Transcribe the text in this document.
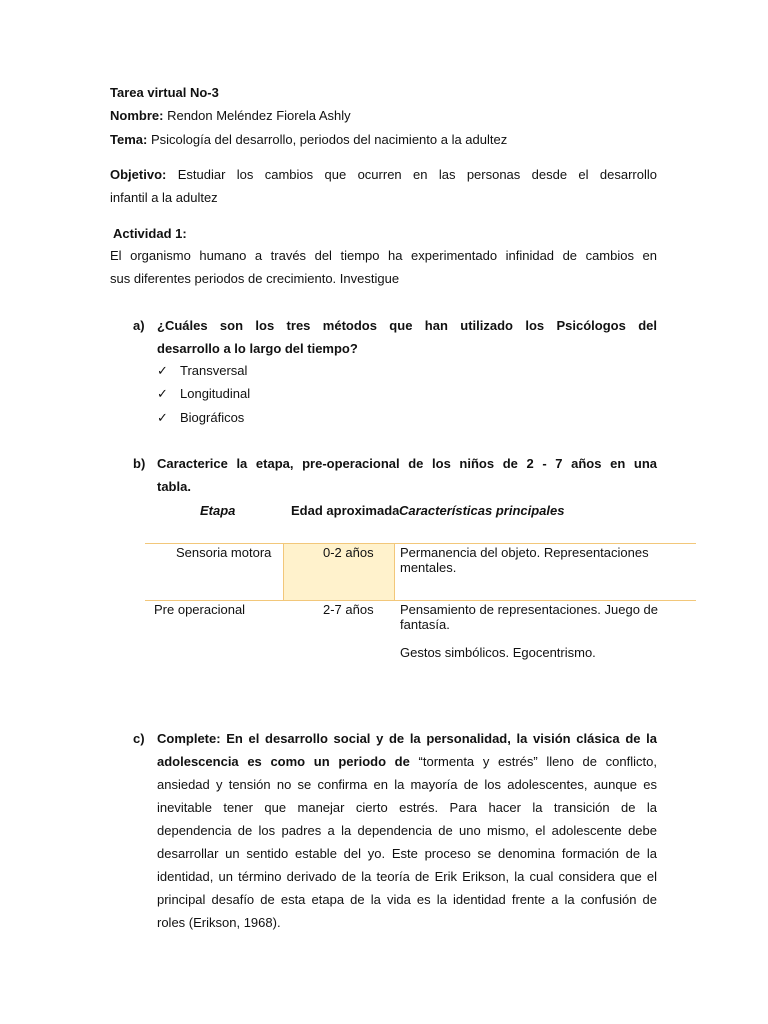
Tarea virtual No-3
Nombre: Rendon Meléndez Fiorela Ashly
Tema: Psicología del desarrollo, periodos del nacimiento a la adultez
Objetivo: Estudiar los cambios que ocurren en las personas desde el desarrollo
infantil a la adultez
Actividad 1:
El organismo humano a través del tiempo ha experimentado infinidad de cambios en
sus diferentes periodos de crecimiento. Investigue
a) ¿Cuáles son los tres métodos que han utilizado los Psicólogos del
desarrollo a lo largo del tiempo?
✓ Transversal
✓ Longitudinal
✓ Biográficos
b) Caracterice la etapa, pre-operacional de los niños de 2 - 7 años en una
tabla.
Etapa	Edad aproximada Características principales
Sensoria motora	0-2 años Permanencia del objeto. Representaciones
mentales.
Pre operacional	2-7 años Pensamiento de representaciones. Juego de
fantasía.
Gestos simbólicos. Egocentrismo.
c) Complete: En el desarrollo social y de la personalidad, la visión clásica de la
adolescencia es como un periodo de “tormenta y estrés” lleno de conflicto,
ansiedad y tensión no se confirma en la mayoría de los adolescentes, aunque es
inevitable tener que manejar cierto estrés. Para hacer la transición de la
dependencia de los padres a la dependencia de uno mismo, el adolescente debe
desarrollar un sentido estable del yo. Este proceso se denomina formación de la
identidad, un término derivado de la teoría de Erik Erikson, la cual considera que el
principal desafío de esta etapa de la vida es la identidad frente a la confusión de
roles (Erikson, 1968).
